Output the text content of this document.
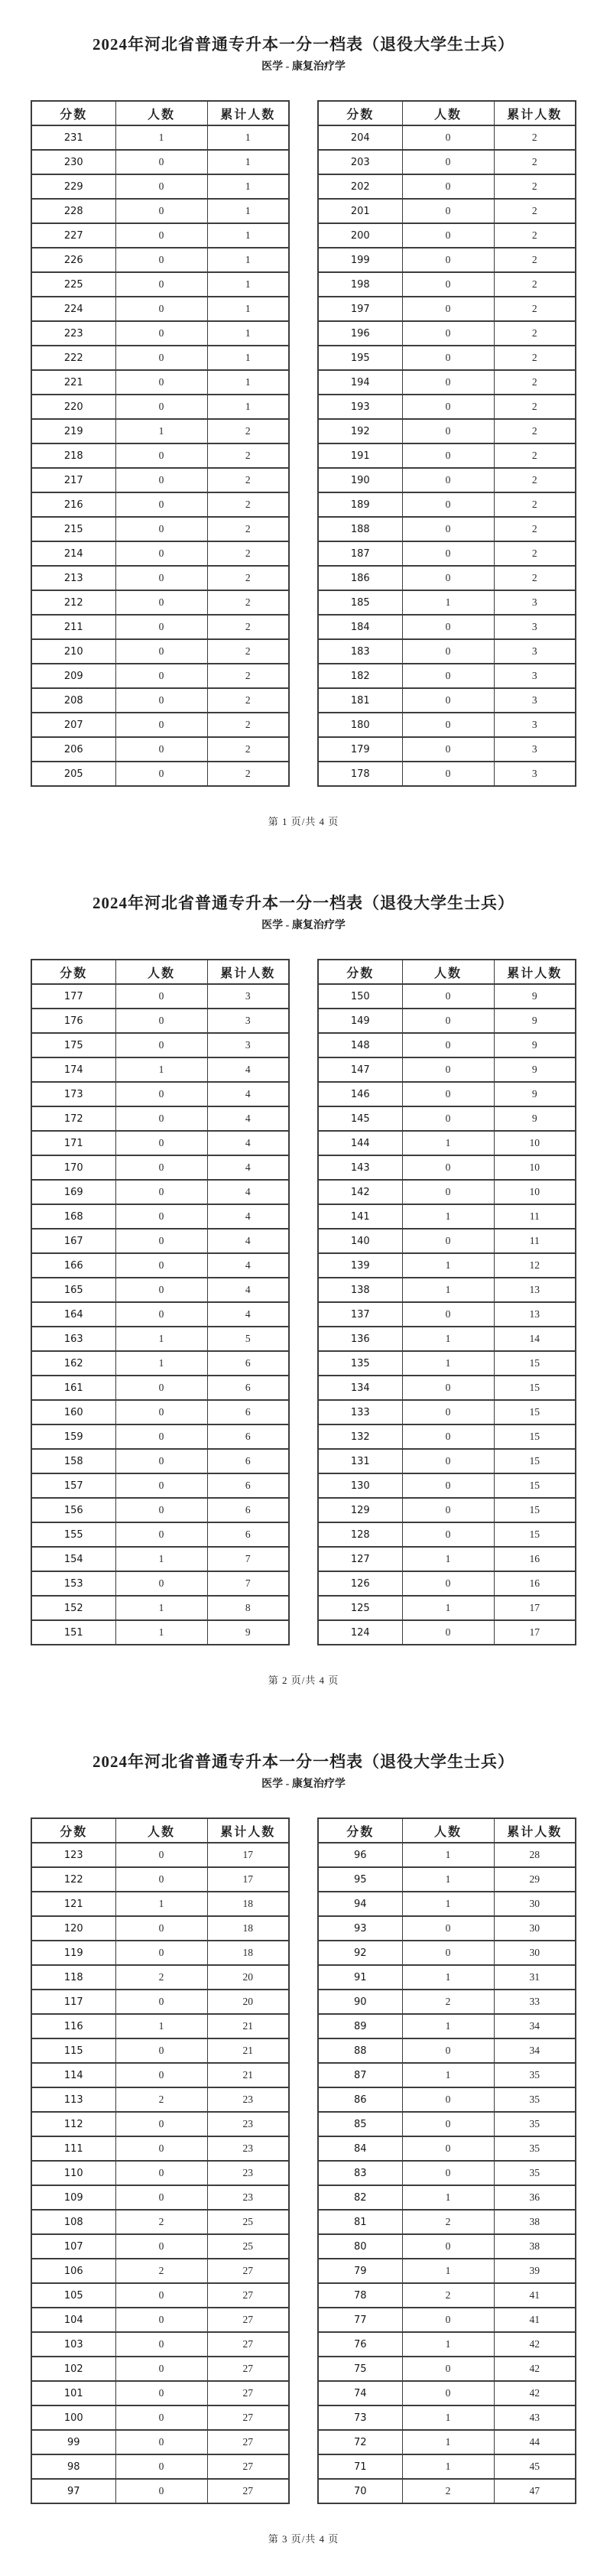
2024年河北省普通专升本一分一档表（退役大学生士兵）
医学 - 康复治疗学
分数	人数	累计人数
231	1	1
230	0	1
229	0	1
228	0	1
227	0	1
226	0	1
225	0	1
224	0	1
223	0	1
222	0	1
221	0	1
220	0	1
219	1	2
218	0	2
217	0	2
216	0	2
215	0	2
214	0	2
213	0	2
212	0	2
211	0	2
210	0	2
209	0	2
208	0	2
207	0	2
206	0	2
205	0	2
分数	人数	累计人数
204	0	2
203	0	2
202	0	2
201	0	2
200	0	2
199	0	2
198	0	2
197	0	2
196	0	2
195	0	2
194	0	2
193	0	2
192	0	2
191	0	2
190	0	2
189	0	2
188	0	2
187	0	2
186	0	2
185	1	3
184	0	3
183	0	3
182	0	3
181	0	3
180	0	3
179	0	3
178	0	3
第 1 页/共 4 页
2024年河北省普通专升本一分一档表（退役大学生士兵）
医学 - 康复治疗学
分数	人数	累计人数
177	0	3
176	0	3
175	0	3
174	1	4
173	0	4
172	0	4
171	0	4
170	0	4
169	0	4
168	0	4
167	0	4
166	0	4
165	0	4
164	0	4
163	1	5
162	1	6
161	0	6
160	0	6
159	0	6
158	0	6
157	0	6
156	0	6
155	0	6
154	1	7
153	0	7
152	1	8
151	1	9
分数	人数	累计人数
150	0	9
149	0	9
148	0	9
147	0	9
146	0	9
145	0	9
144	1	10
143	0	10
142	0	10
141	1	11
140	0	11
139	1	12
138	1	13
137	0	13
136	1	14
135	1	15
134	0	15
133	0	15
132	0	15
131	0	15
130	0	15
129	0	15
128	0	15
127	1	16
126	0	16
125	1	17
124	0	17
第 2 页/共 4 页
2024年河北省普通专升本一分一档表（退役大学生士兵）
医学 - 康复治疗学
分数	人数	累计人数
123	0	17
122	0	17
121	1	18
120	0	18
119	0	18
118	2	20
117	0	20
116	1	21
115	0	21
114	0	21
113	2	23
112	0	23
111	0	23
110	0	23
109	0	23
108	2	25
107	0	25
106	2	27
105	0	27
104	0	27
103	0	27
102	0	27
101	0	27
100	0	27
99	0	27
98	0	27
97	0	27
分数	人数	累计人数
96	1	28
95	1	29
94	1	30
93	0	30
92	0	30
91	1	31
90	2	33
89	1	34
88	0	34
87	1	35
86	0	35
85	0	35
84	0	35
83	0	35
82	1	36
81	2	38
80	0	38
79	1	39
78	2	41
77	0	41
76	1	42
75	0	42
74	0	42
73	1	43
72	1	44
71	1	45
70	2	47
第 3 页/共 4 页
